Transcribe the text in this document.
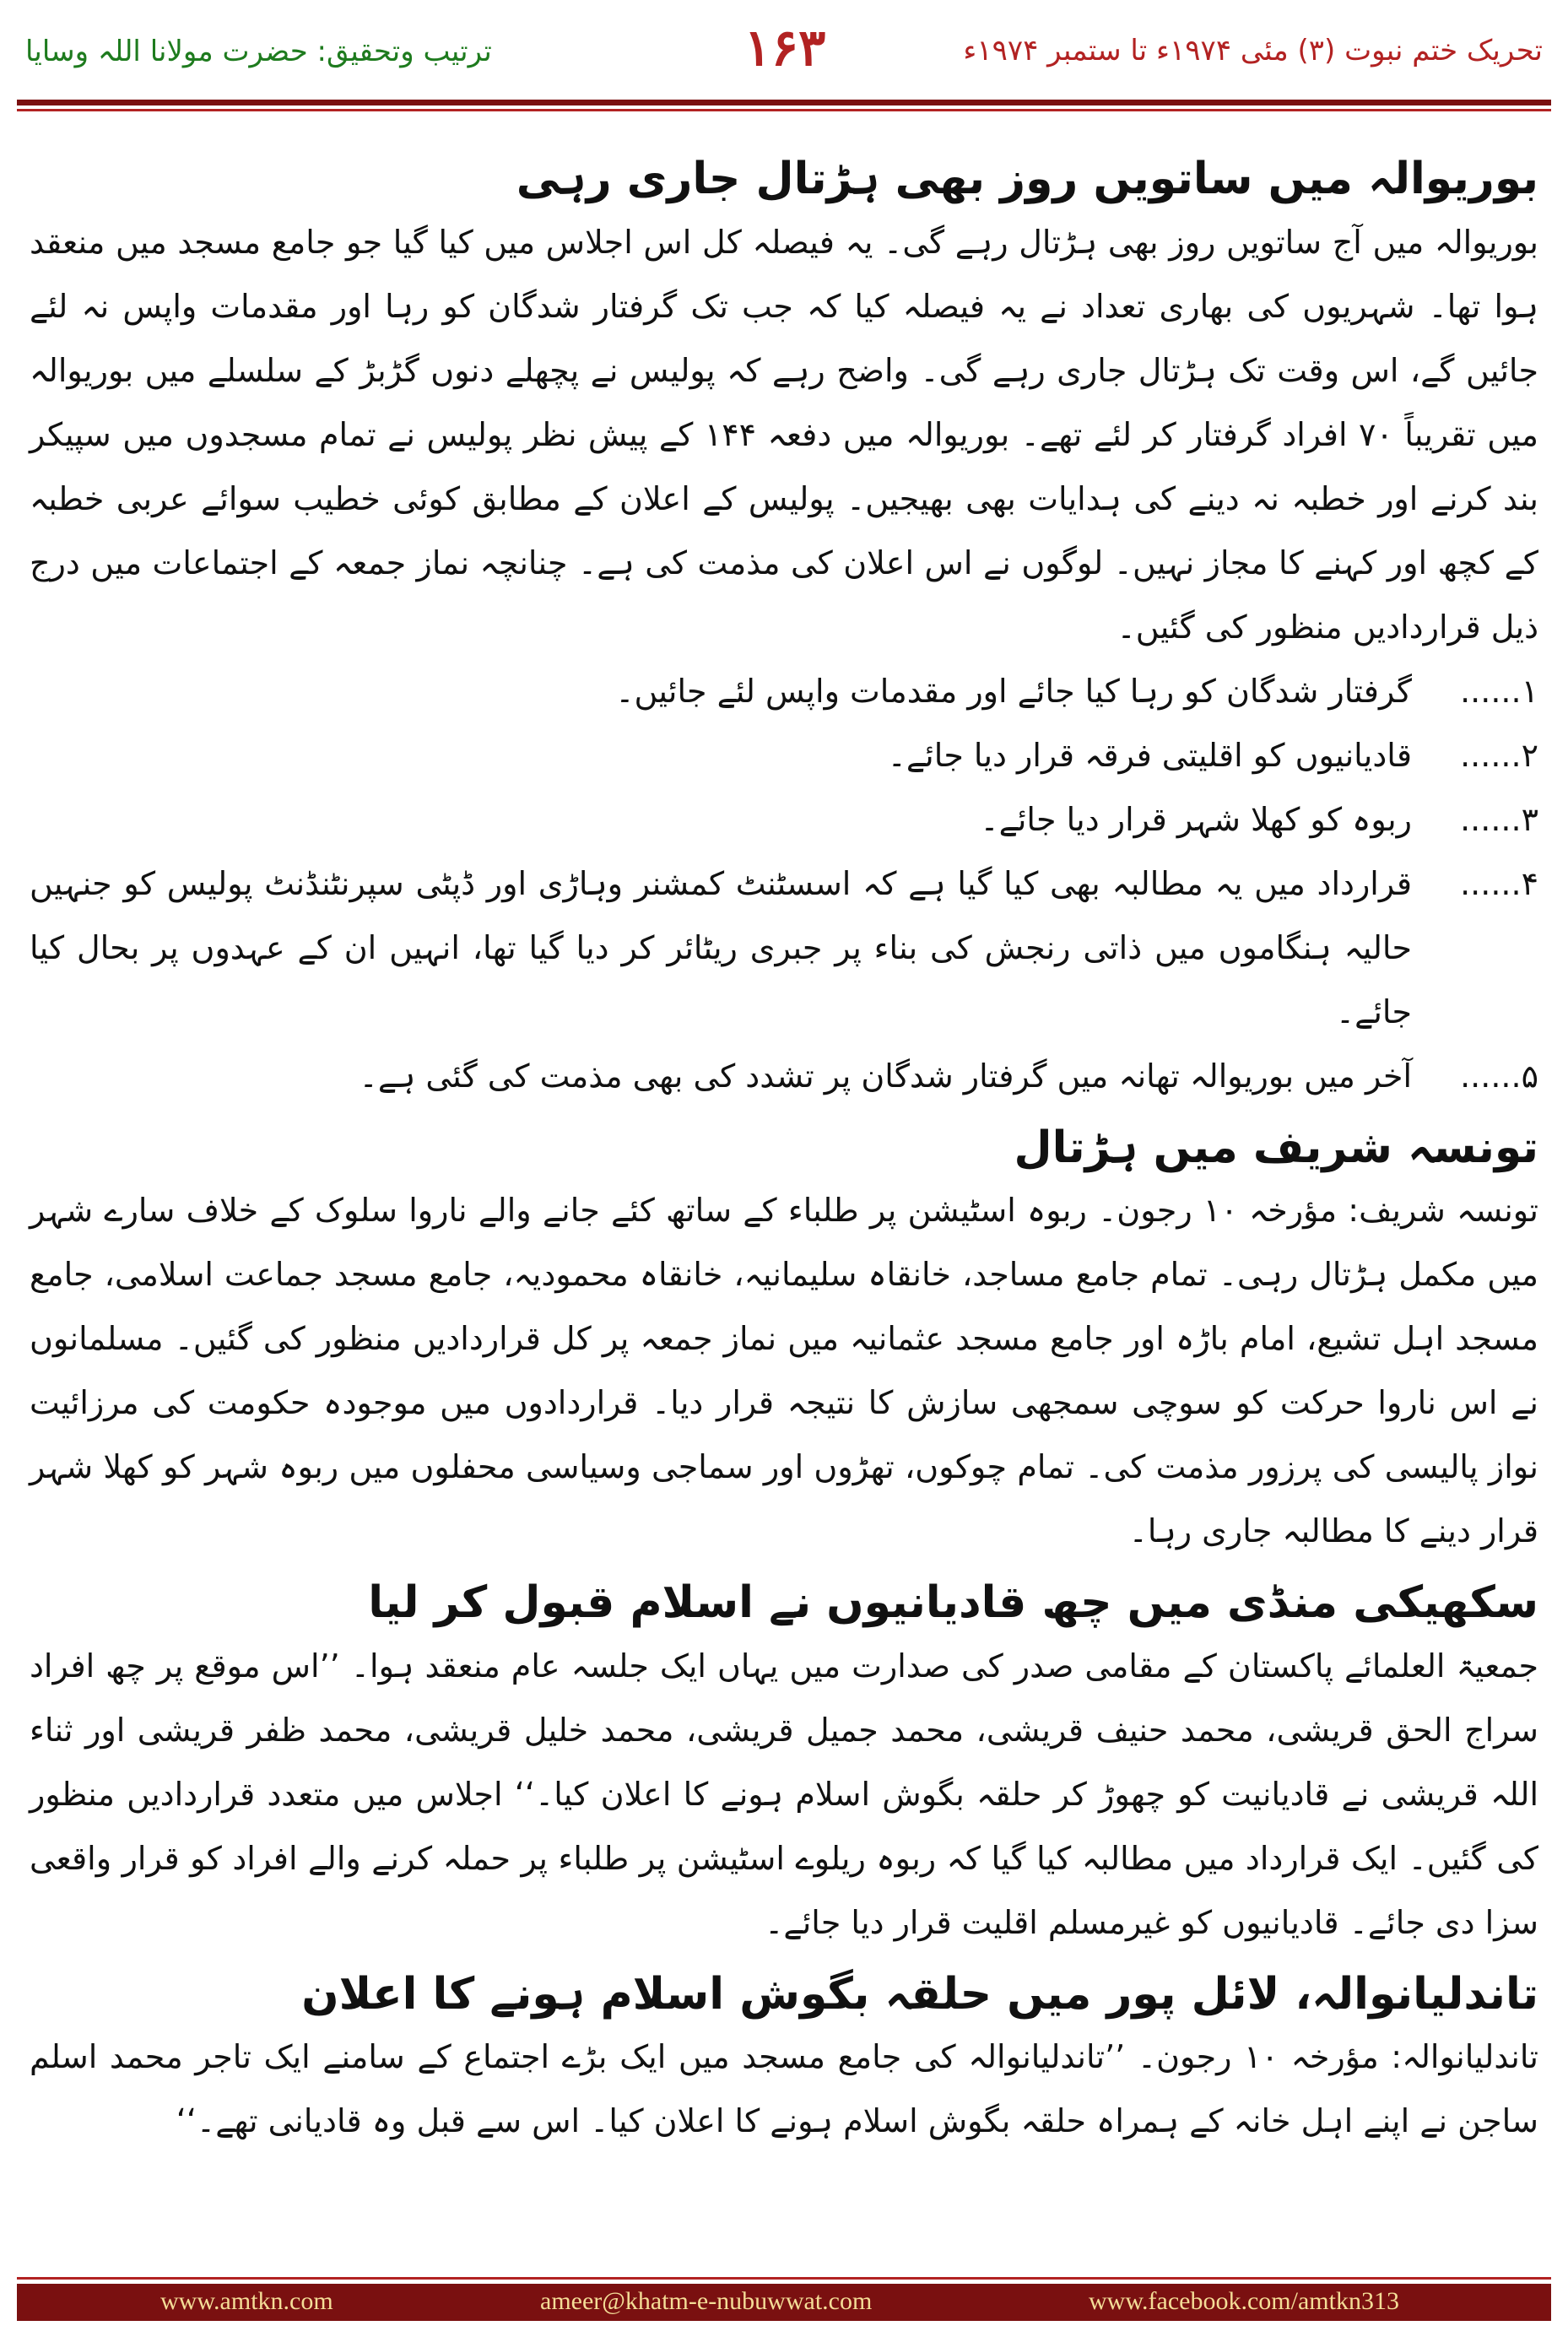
تحریک ختم نبوت (۳) مئی ۱۹۷۴ء تا ستمبر ۱۹۷۴ء
۱۶۳
ترتیب وتحقیق: حضرت مولانا اللہ وسایا
بوریوالہ میں ساتویں روز بھی ہڑتال جاری رہی

بوریوالہ میں آج ساتویں روز بھی ہڑتال رہے گی۔ یہ فیصلہ کل اس اجلاس میں کیا گیا جو جامع مسجد میں منعقد ہوا تھا۔ شہریوں کی بھاری تعداد نے یہ فیصلہ کیا کہ جب تک گرفتار شدگان کو رہا اور مقدمات واپس نہ لئے جائیں گے، اس وقت تک ہڑتال جاری رہے گی۔ واضح رہے کہ پولیس نے پچھلے دنوں گڑبڑ کے سلسلے میں بوریوالہ میں تقریباً ۷۰ افراد گرفتار کر لئے تھے۔ بوریوالہ میں دفعہ ۱۴۴ کے پیش نظر پولیس نے تمام مسجدوں میں سپیکر بند کرنے اور خطبہ نہ دینے کی ہدایات بھی بھیجیں۔ پولیس کے اعلان کے مطابق کوئی خطیب سوائے عربی خطبہ کے کچھ اور کہنے کا مجاز نہیں۔ لوگوں نے اس اعلان کی مذمت کی ہے۔ چنانچہ نماز جمعہ کے اجتماعات میں درج ذیل قراردادیں منظور کی گئیں۔

۱......
گرفتار شدگان کو رہا کیا جائے اور مقدمات واپس لئے جائیں۔
۲......
قادیانیوں کو اقلیتی فرقہ قرار دیا جائے۔
۳......
ربوہ کو کھلا شہر قرار دیا جائے۔
۴......
قرارداد میں یہ مطالبہ بھی کیا گیا ہے کہ اسسٹنٹ کمشنر وہاڑی اور ڈپٹی سپرنٹنڈنٹ پولیس کو جنہیں حالیہ ہنگاموں میں ذاتی رنجش کی بناء پر جبری ریٹائر کر دیا گیا تھا، انہیں ان کے عہدوں پر بحال کیا جائے۔
۵......
آخر میں بوریوالہ تھانہ میں گرفتار شدگان پر تشدد کی بھی مذمت کی گئی ہے۔
تونسہ شریف میں ہڑتال

تونسہ شریف: مؤرخہ ۱۰ رجون۔ ربوہ اسٹیشن پر طلباء کے ساتھ کئے جانے والے ناروا سلوک کے خلاف سارے شہر میں مکمل ہڑتال رہی۔ تمام جامع مساجد، خانقاہ سلیمانیہ، خانقاہ محمودیہ، جامع مسجد جماعت اسلامی، جامع مسجد اہل تشیع، امام باڑہ اور جامع مسجد عثمانیہ میں نماز جمعہ پر کل قراردادیں منظور کی گئیں۔ مسلمانوں نے اس ناروا حرکت کو سوچی سمجھی سازش کا نتیجہ قرار دیا۔ قراردادوں میں موجودہ حکومت کی مرزائیت نواز پالیسی کی پرزور مذمت کی۔ تمام چوکوں، تھڑوں اور سماجی وسیاسی محفلوں میں ربوہ شہر کو کھلا شہر قرار دینے کا مطالبہ جاری رہا۔

سکھیکی منڈی میں چھ قادیانیوں نے اسلام قبول کر لیا

جمعیۃ العلمائے پاکستان کے مقامی صدر کی صدارت میں یہاں ایک جلسہ عام منعقد ہوا۔ ’’اس موقع پر چھ افراد سراج الحق قریشی، محمد حنیف قریشی، محمد جمیل قریشی، محمد خلیل قریشی، محمد ظفر قریشی اور ثناء اللہ قریشی نے قادیانیت کو چھوڑ کر حلقہ بگوش اسلام ہونے کا اعلان کیا۔‘‘ اجلاس میں متعدد قراردادیں منظور کی گئیں۔ ایک قرارداد میں مطالبہ کیا گیا کہ ربوہ ریلوے اسٹیشن پر طلباء پر حملہ کرنے والے افراد کو قرار واقعی سزا دی جائے۔ قادیانیوں کو غیرمسلم اقلیت قرار دیا جائے۔

تاندلیانوالہ، لائل پور میں حلقہ بگوش اسلام ہونے کا اعلان

تاندلیانوالہ: مؤرخہ ۱۰ رجون۔ ’’تاندلیانوالہ کی جامع مسجد میں ایک بڑے اجتماع کے سامنے ایک تاجر محمد اسلم ساجن نے اپنے اہل خانہ کے ہمراہ حلقہ بگوش اسلام ہونے کا اعلان کیا۔ اس سے قبل وہ قادیانی تھے۔‘‘

www.amtkn.com	ameer@khatm-e-nubuwwat.com	www.facebook.com/amtkn313
